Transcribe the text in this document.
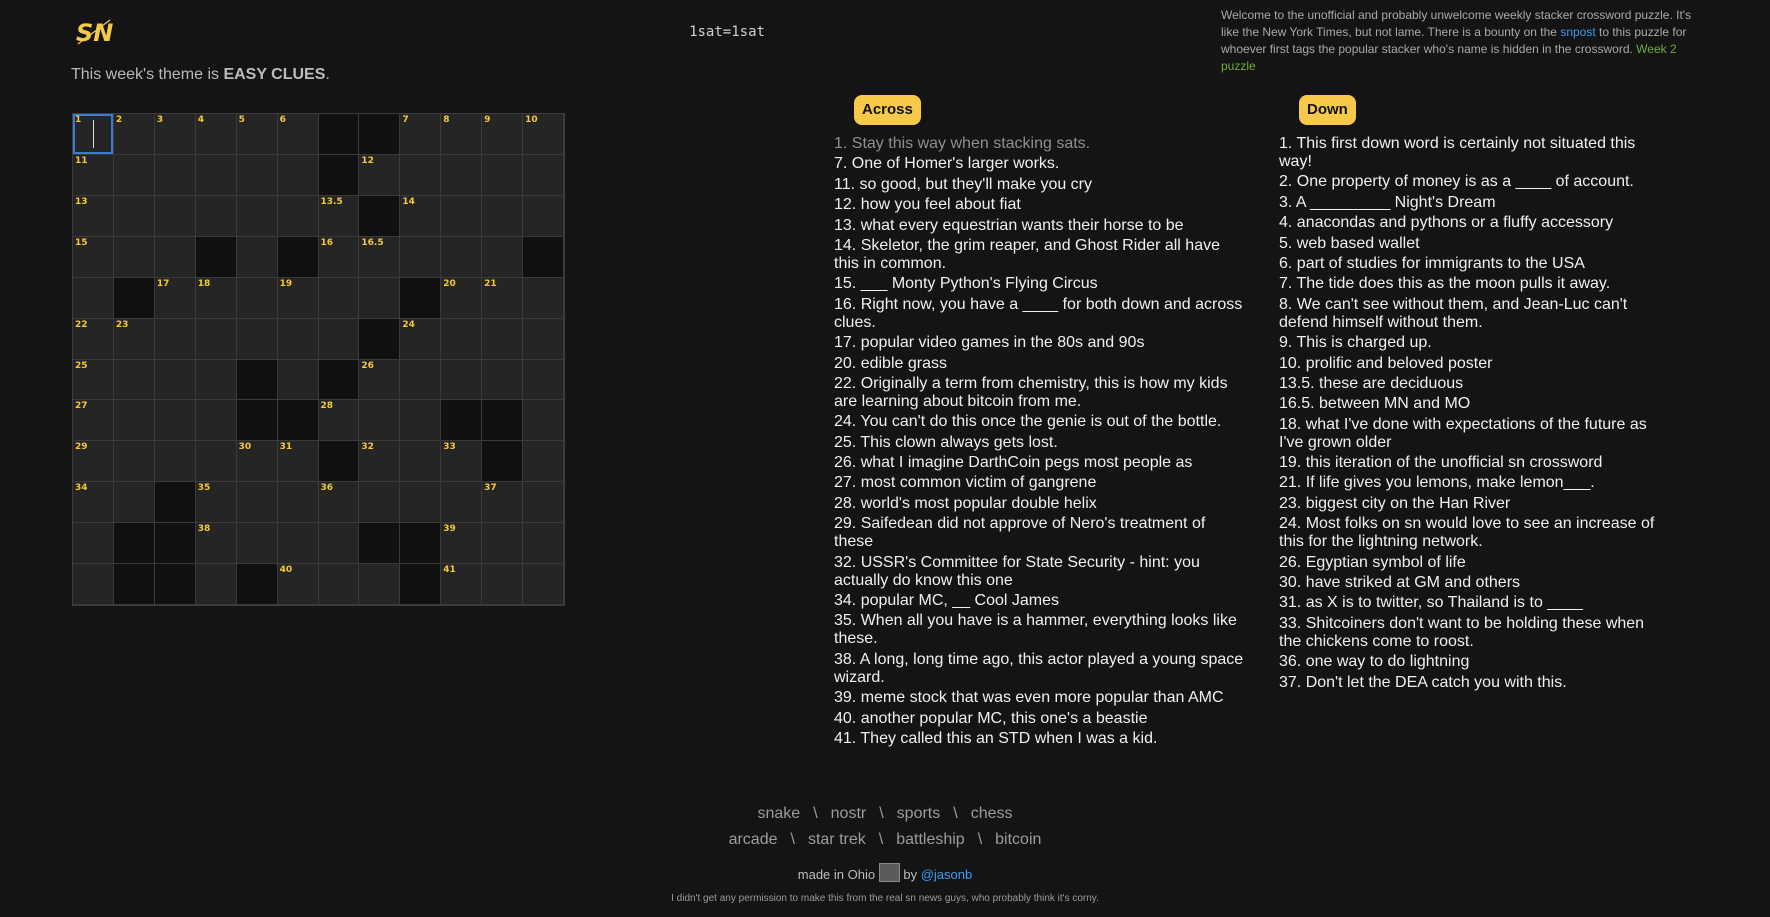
SN	1sat=1sat
Welcome to the unofficial and probably unwelcome weekly stacker crossword puzzle. It's like the New York Times, but not lame. There is a bounty on the snpost to this puzzle for whoever first tags the popular stacker who's name is hidden in the crossword. Week 2 puzzle
This week's theme is EASY CLUES.
1	2	3	4	5	6	7	8	9	10
11	12
13	13.5	14
15	16	16.5
17	18	19	20	21
22	23	24
25	26
27	28
29	30	31	32	33
34	35	36	37
38	39
40	41
Across
1. Stay this way when stacking sats.
7. One of Homer's larger works.
11. so good, but they'll make you cry
12. how you feel about fiat
13. what every equestrian wants their horse to be
14. Skeletor, the grim reaper, and Ghost Rider all have this in common.
15. ___ Monty Python's Flying Circus
16. Right now, you have a ____ for both down and across clues.
17. popular video games in the 80s and 90s
20. edible grass
22. Originally a term from chemistry, this is how my kids are learning about bitcoin from me.
24. You can't do this once the genie is out of the bottle.
25. This clown always gets lost.
26. what I imagine DarthCoin pegs most people as
27. most common victim of gangrene
28. world's most popular double helix
29. Saifedean did not approve of Nero's treatment of these
32. USSR's Committee for State Security - hint: you actually do know this one
34. popular MC, __ Cool James
35. When all you have is a hammer, everything looks like these.
38. A long, long time ago, this actor played a young space wizard.
39. meme stock that was even more popular than AMC
40. another popular MC, this one's a beastie
41. They called this an STD when I was a kid.
Down
1. This first down word is certainly not situated this way!
2. One property of money is as a ____ of account.
3. A _________ Night's Dream
4. anacondas and pythons or a fluffy accessory
5. web based wallet
6. part of studies for immigrants to the USA
7. The tide does this as the moon pulls it away.
8. We can't see without them, and Jean-Luc can't defend himself without them.
9. This is charged up.
10. prolific and beloved poster
13.5. these are deciduous
16.5. between MN and MO
18. what I've done with expectations of the future as I've grown older
19. this iteration of the unofficial sn crossword
21. If life gives you lemons, make lemon___.
23. biggest city on the Han River
24. Most folks on sn would love to see an increase of this for the lightning network.
26. Egyptian symbol of life
30. have striked at GM and others
31. as X is to twitter, so Thailand is to ____
33. Shitcoiners don't want to be holding these when the chickens come to roost.
36. one way to do lightning
37. Don't let the DEA catch you with this.
snake \ nostr \ sports \ chess
arcade \ star trek \ battleship \ bitcoin
made in Ohio by @jasonb
I didn't get any permission to make this from the real sn news guys, who probably think it's corny.
